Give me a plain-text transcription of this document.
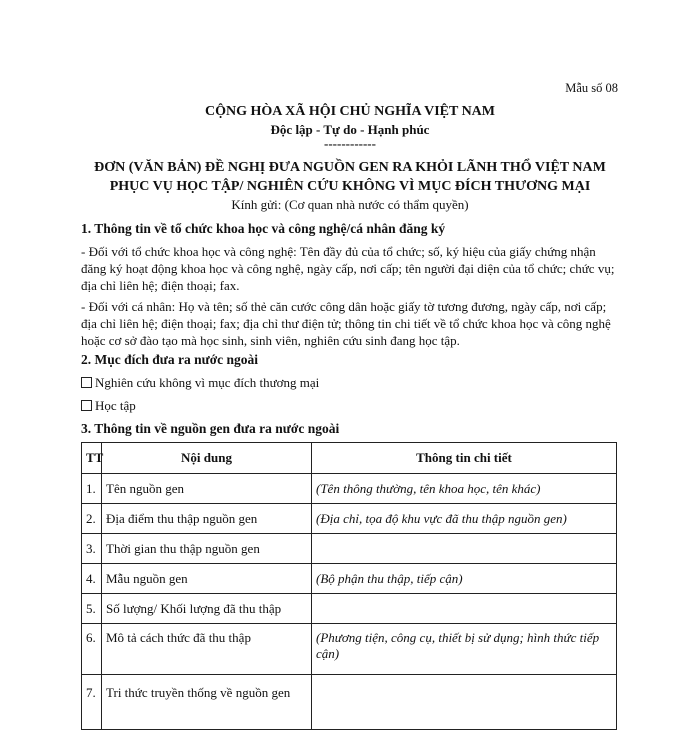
Mẫu số 08
CỘNG HÒA XÃ HỘI CHỦ NGHĨA VIỆT NAM
Độc lập - Tự do - Hạnh phúc
------------
ĐƠN (VĂN BẢN) ĐỀ NGHỊ ĐƯA NGUỒN GEN RA KHỎI LÃNH THỔ VIỆT NAM
PHỤC VỤ HỌC TẬP/ NGHIÊN CỨU KHÔNG VÌ MỤC ĐÍCH THƯƠNG MẠI
Kính gửi: (Cơ quan nhà nước có thẩm quyền)
1. Thông tin về tổ chức khoa học và công nghệ/cá nhân đăng ký
- Đối với tổ chức khoa học và công nghệ: Tên đầy đủ của tổ chức; số, ký hiệu của giấy chứng nhận đăng ký hoạt động khoa học và công nghệ, ngày cấp, nơi cấp; tên người đại diện của tổ chức; chức vụ; địa chỉ liên hệ; điện thoại; fax.
- Đối với cá nhân: Họ và tên; số thẻ căn cước công dân hoặc giấy tờ tương đương, ngày cấp, nơi cấp; địa chỉ liên hệ; điện thoại; fax; địa chỉ thư điện tử; thông tin chi tiết về tổ chức khoa học và công nghệ hoặc cơ sở đào tạo mà học sinh, sinh viên, nghiên cứu sinh đang học tập.
2. Mục đích đưa ra nước ngoài
Nghiên cứu không vì mục đích thương mại
Học tập
3. Thông tin về nguồn gen đưa ra nước ngoài
TT	Nội dung	Thông tin chi tiết
1.	Tên nguồn gen	(Tên thông thường, tên khoa học, tên khác)
2.	Địa điểm thu thập nguồn gen	(Địa chỉ, tọa độ khu vực đã thu thập nguồn gen)
3.	Thời gian thu thập nguồn gen	
4.	Mẫu nguồn gen	(Bộ phận thu thập, tiếp cận)
5.	Số lượng/ Khối lượng đã thu thập	
6.	Mô tả cách thức đã thu thập	(Phương tiện, công cụ, thiết bị sử dụng; hình thức tiếp cận)
7.	Tri thức truyền thống về nguồn gen	
